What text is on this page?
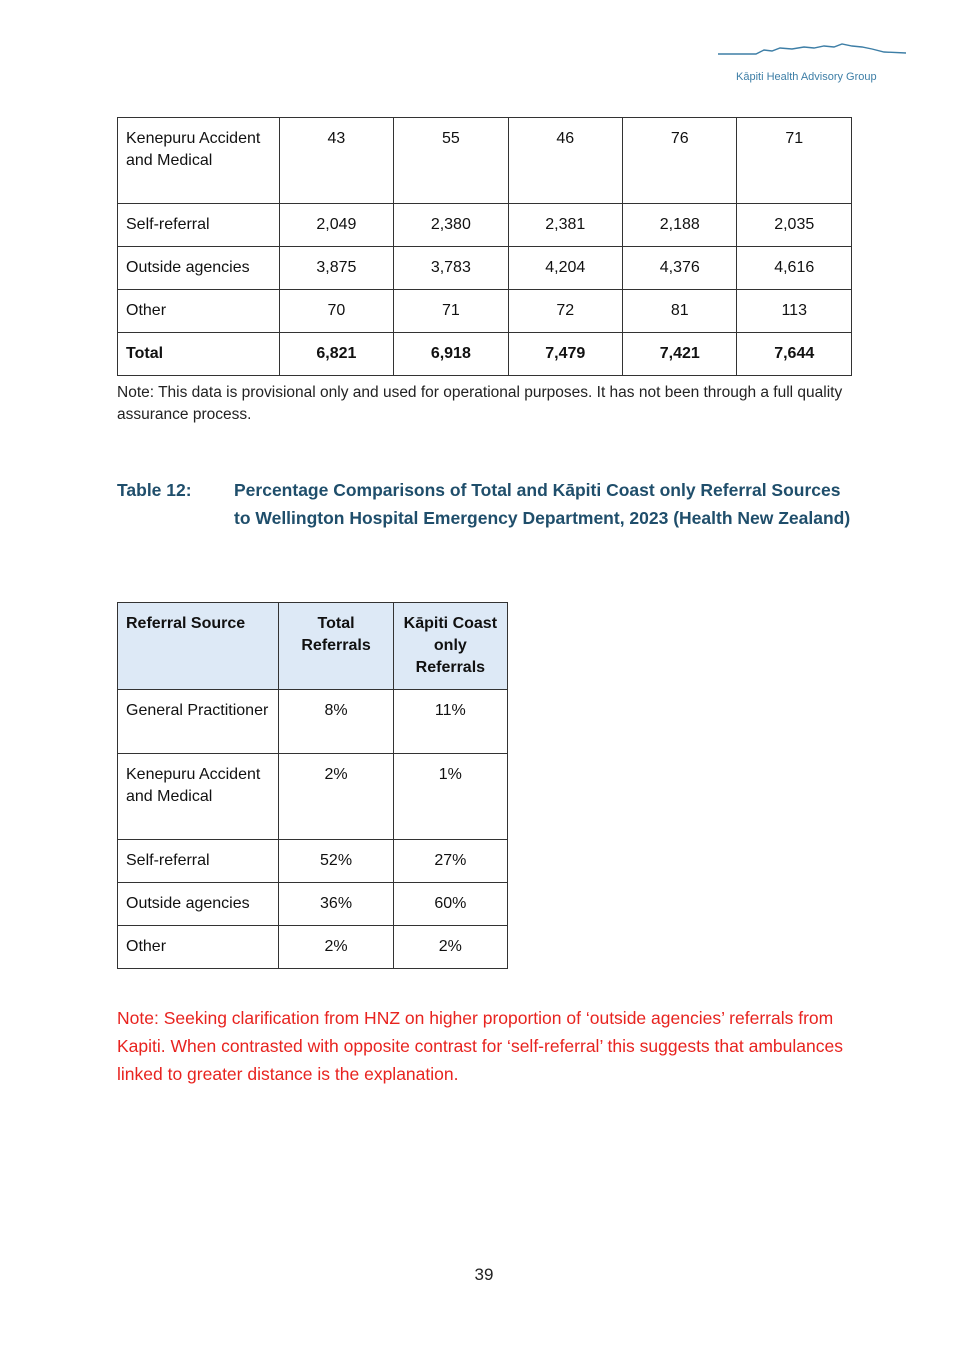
Kāpiti Health Advisory Group
Kenepuru Accident and Medical	43	55	46	76	71
Self-referral	2,049	2,380	2,381	2,188	2,035
Outside agencies	3,875	3,783	4,204	4,376	4,616
Other	70	71	72	81	113
Total	6,821	6,918	7,479	7,421	7,644
Note: This data is provisional only and used for operational purposes. It has not been through a full quality assurance process.
Table 12: Percentage Comparisons of Total and Kāpiti Coast only Referral Sources to Wellington Hospital Emergency Department, 2023 (Health New Zealand)
Referral Source	Total Referrals	Kāpiti Coast only Referrals
General Practitioner	8%	11%
Kenepuru Accident and Medical	2%	1%
Self-referral	52%	27%
Outside agencies	36%	60%
Other	2%	2%
Note: Seeking clarification from HNZ on higher proportion of ‘outside agencies’ referrals from Kapiti. When contrasted with opposite contrast for ‘self-referral’ this suggests that ambulances linked to greater distance is the explanation.
39
